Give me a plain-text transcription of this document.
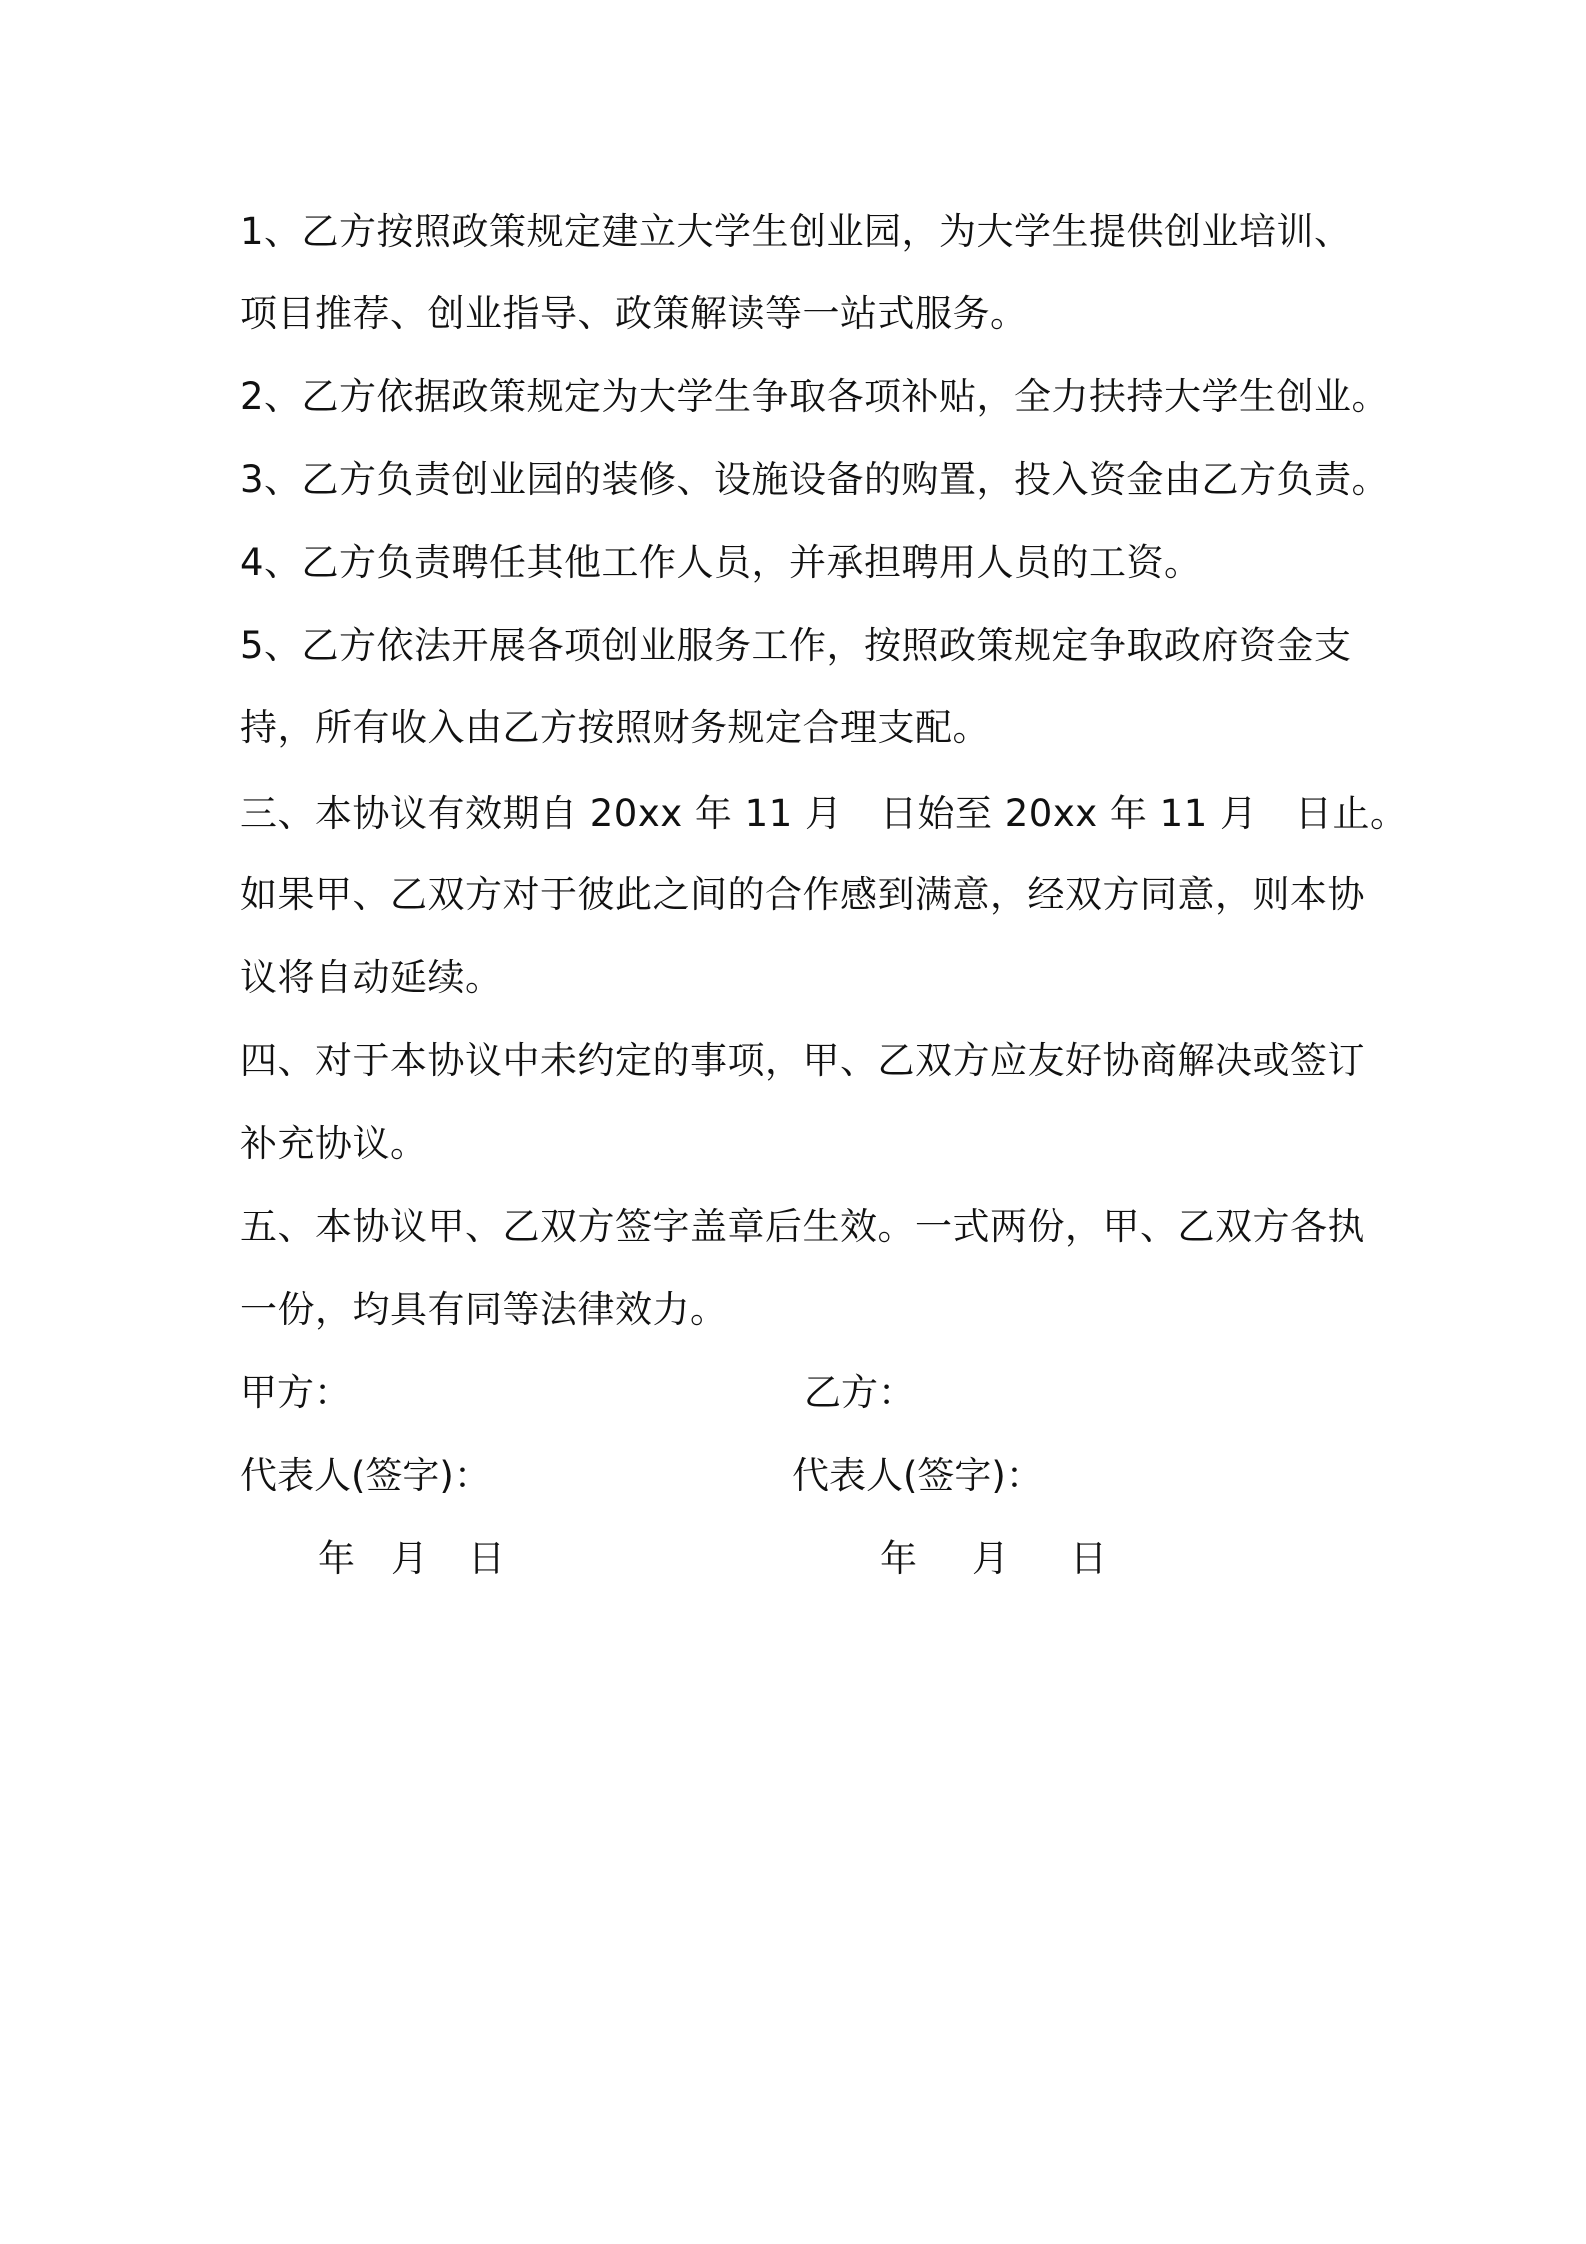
1、乙方按照政策规定建立大学生创业园，为大学生提供创业培训、
项目推荐、创业指导、政策解读等一站式服务。
2、乙方依据政策规定为大学生争取各项补贴，全力扶持大学生创业。
3、乙方负责创业园的装修、设施设备的购置，投入资金由乙方负责。
4、乙方负责聘任其他工作人员，并承担聘用人员的工资。
5、乙方依法开展各项创业服务工作，按照政策规定争取政府资金支
持，所有收入由乙方按照财务规定合理支配。
三、本协议有效期自 20xx 年 11 月　日始至 20xx 年 11 月　日止。
如果甲、乙双方对于彼此之间的合作感到满意，经双方同意，则本协
议将自动延续。
四、对于本协议中未约定的事项，甲、乙双方应友好协商解决或签订
补充协议。
五、本协议甲、乙双方签字盖章后生效。一式两份，甲、乙双方各执
一份，均具有同等法律效力。
甲方：	乙方：
代表人(签字)：	代表人(签字)：
年 月 日	年 月 日
